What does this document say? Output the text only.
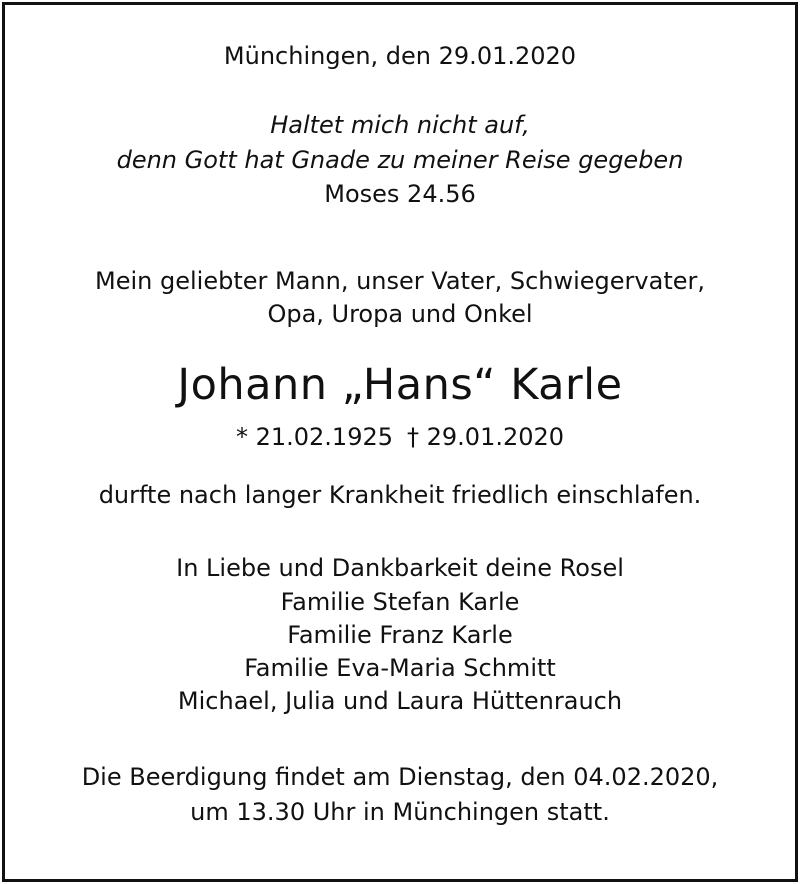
Münchingen, den 29.01.2020
Haltet mich nicht auf,
denn Gott hat Gnade zu meiner Reise gegeben
Moses 24.56
Mein geliebter Mann, unser Vater, Schwiegervater,
Opa, Uropa und Onkel
Johann „Hans“ Karle
* 21.02.1925 † 29.01.2020
durfte nach langer Krankheit friedlich einschlafen.
In Liebe und Dankbarkeit deine Rosel
Familie Stefan Karle
Familie Franz Karle
Familie Eva-Maria Schmitt
Michael, Julia und Laura Hüttenrauch
Die Beerdigung findet am Dienstag, den 04.02.2020,
um 13.30 Uhr in Münchingen statt.
